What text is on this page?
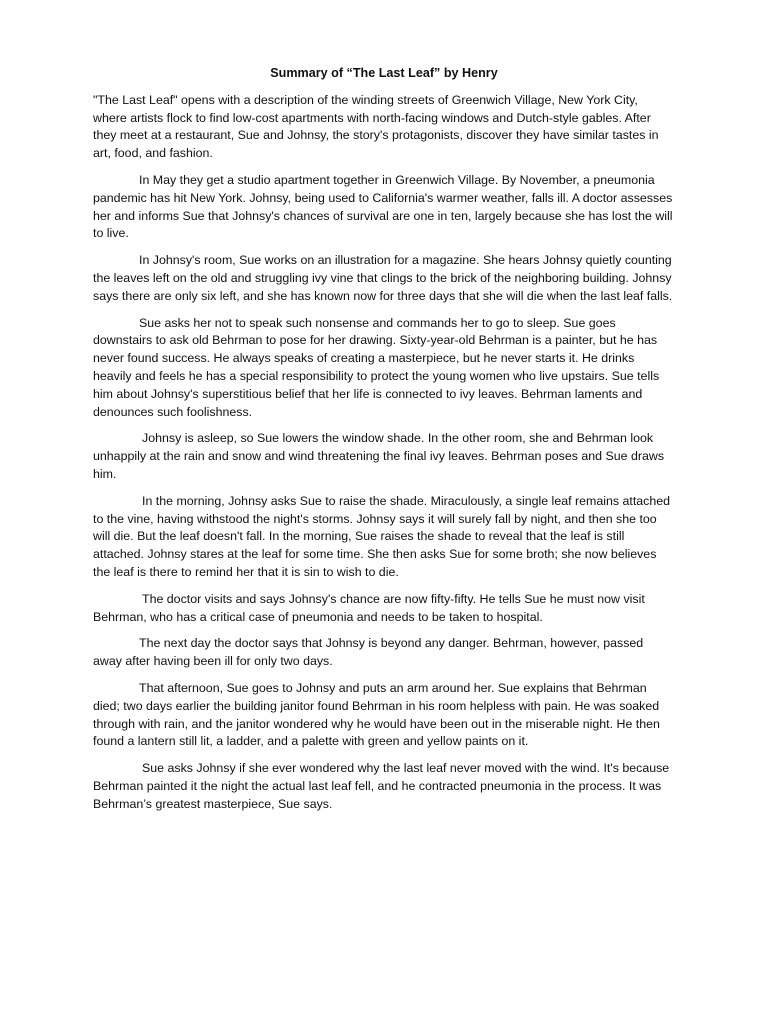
Summary of “The Last Leaf” by Henry

"The Last Leaf" opens with a description of the winding streets of Greenwich Village, New York City, where artists flock to find low-cost apartments with north-facing windows and Dutch-style gables. After they meet at a restaurant, Sue and Johnsy, the story's protagonists, discover they have similar tastes in art, food, and fashion.

In May they get a studio apartment together in Greenwich Village. By November, a pneumonia pandemic has hit New York. Johnsy, being used to California's warmer weather, falls ill. A doctor assesses her and informs Sue that Johnsy's chances of survival are one in ten, largely because she has lost the will to live.

In Johnsy's room, Sue works on an illustration for a magazine. She hears Johnsy quietly counting the leaves left on the old and struggling ivy vine that clings to the brick of the neighboring building. Johnsy says there are only six left, and she has known now for three days that she will die when the last leaf falls.

Sue asks her not to speak such nonsense and commands her to go to sleep. Sue goes downstairs to ask old Behrman to pose for her drawing. Sixty-year-old Behrman is a painter, but he has never found success. He always speaks of creating a masterpiece, but he never starts it. He drinks heavily and feels he has a special responsibility to protect the young women who live upstairs. Sue tells him about Johnsy's superstitious belief that her life is connected to ivy leaves. Behrman laments and denounces such foolishness.

Johnsy is asleep, so Sue lowers the window shade. In the other room, she and Behrman look unhappily at the rain and snow and wind threatening the final ivy leaves. Behrman poses and Sue draws him.

In the morning, Johnsy asks Sue to raise the shade. Miraculously, a single leaf remains attached to the vine, having withstood the night's storms. Johnsy says it will surely fall by night, and then she too will die. But the leaf doesn't fall. In the morning, Sue raises the shade to reveal that the leaf is still attached. Johnsy stares at the leaf for some time. She then asks Sue for some broth; she now believes the leaf is there to remind her that it is sin to wish to die.

The doctor visits and says Johnsy's chance are now fifty-fifty. He tells Sue he must now visit Behrman, who has a critical case of pneumonia and needs to be taken to hospital.

The next day the doctor says that Johnsy is beyond any danger. Behrman, however, passed away after having been ill for only two days.

That afternoon, Sue goes to Johnsy and puts an arm around her. Sue explains that Behrman died; two days earlier the building janitor found Behrman in his room helpless with pain. He was soaked through with rain, and the janitor wondered why he would have been out in the miserable night. He then found a lantern still lit, a ladder, and a palette with green and yellow paints on it.

Sue asks Johnsy if she ever wondered why the last leaf never moved with the wind. It's because Behrman painted it the night the actual last leaf fell, and he contracted pneumonia in the process. It was Behrman’s greatest masterpiece, Sue says.
